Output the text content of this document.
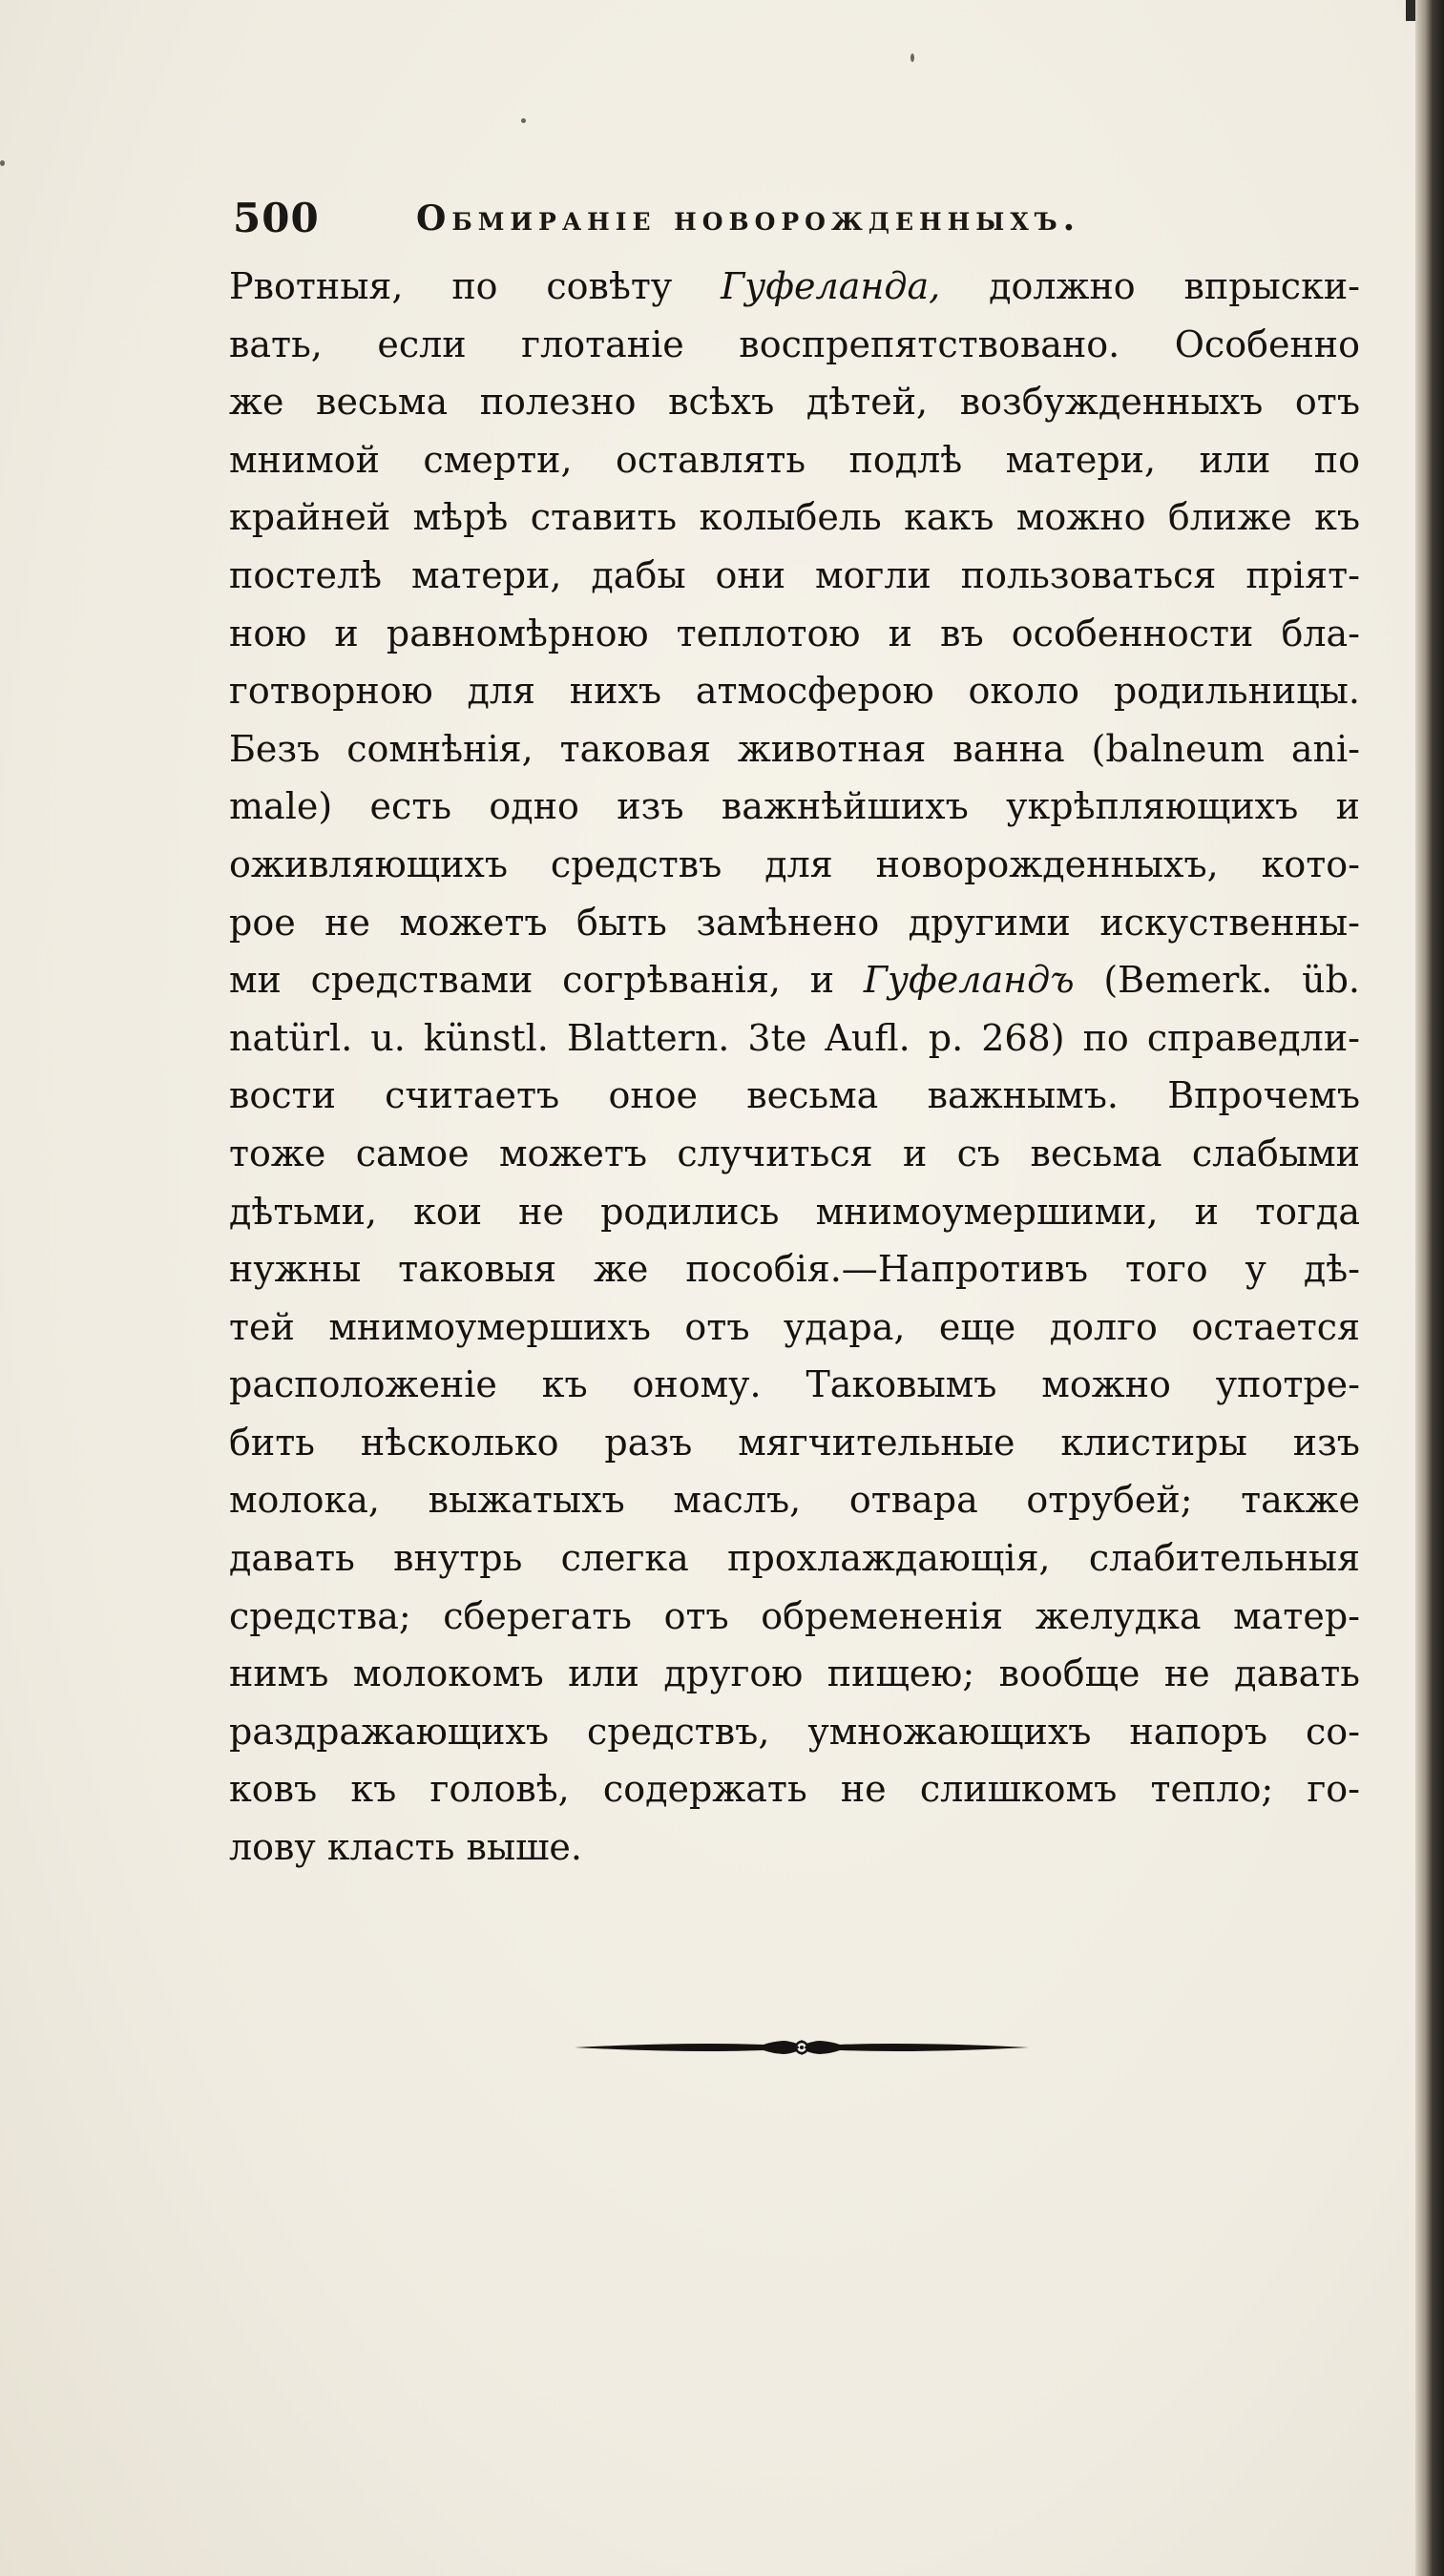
500	Обмиранiе новорожденныхъ.
Рвотныя, по совѣту Гуфеланда, должно впрыски-
вать, если глотанiе воспрепятствовано. Особенно
же весьма полезно всѣхъ дѣтей, возбужденныхъ отъ
мнимой смерти, оставлять подлѣ матери, или по
крайней мѣрѣ ставить колыбель какъ можно ближе къ
постелѣ матери, дабы они могли пользоваться прiят-
ною и равномѣрною теплотою и въ особенности бла-
готворною для нихъ атмосферою около родильницы.
Безъ сомнѣнiя, таковая животная ванна (balneum ani-
male) есть одно изъ важнѣйшихъ укрѣпляющихъ и
оживляющихъ средствъ для новорожденныхъ, кото-
рое не можетъ быть замѣнено другими искуственны-
ми средствами согрѣванiя, и Гуфеландъ (Bemerk. üb.
natürl. u. künstl. Blattern. 3te Aufl. p. 268) по справедли-
вости считаетъ оное весьма важнымъ. Впрочемъ
тоже самое можетъ случиться и съ весьма слабыми
дѣтьми, кои не родились мнимоумершими, и тогда
нужны таковыя же пособiя.—Напротивъ того у дѣ-
тей мнимоумершихъ отъ удара, еще долго остается
расположенiе къ оному. Таковымъ можно употре-
бить нѣсколько разъ мягчительные клистиры изъ
молока, выжатыхъ маслъ, отвара отрубей; также
давать внутрь слегка прохлаждающiя, слабительныя
средства; сберегать отъ обремененiя желудка матер-
нимъ молокомъ или другою пищею; вообще не давать
раздражающихъ средствъ, умножающихъ напоръ со-
ковъ къ головѣ, содержать не слишкомъ тепло; го-
лову класть выше.
